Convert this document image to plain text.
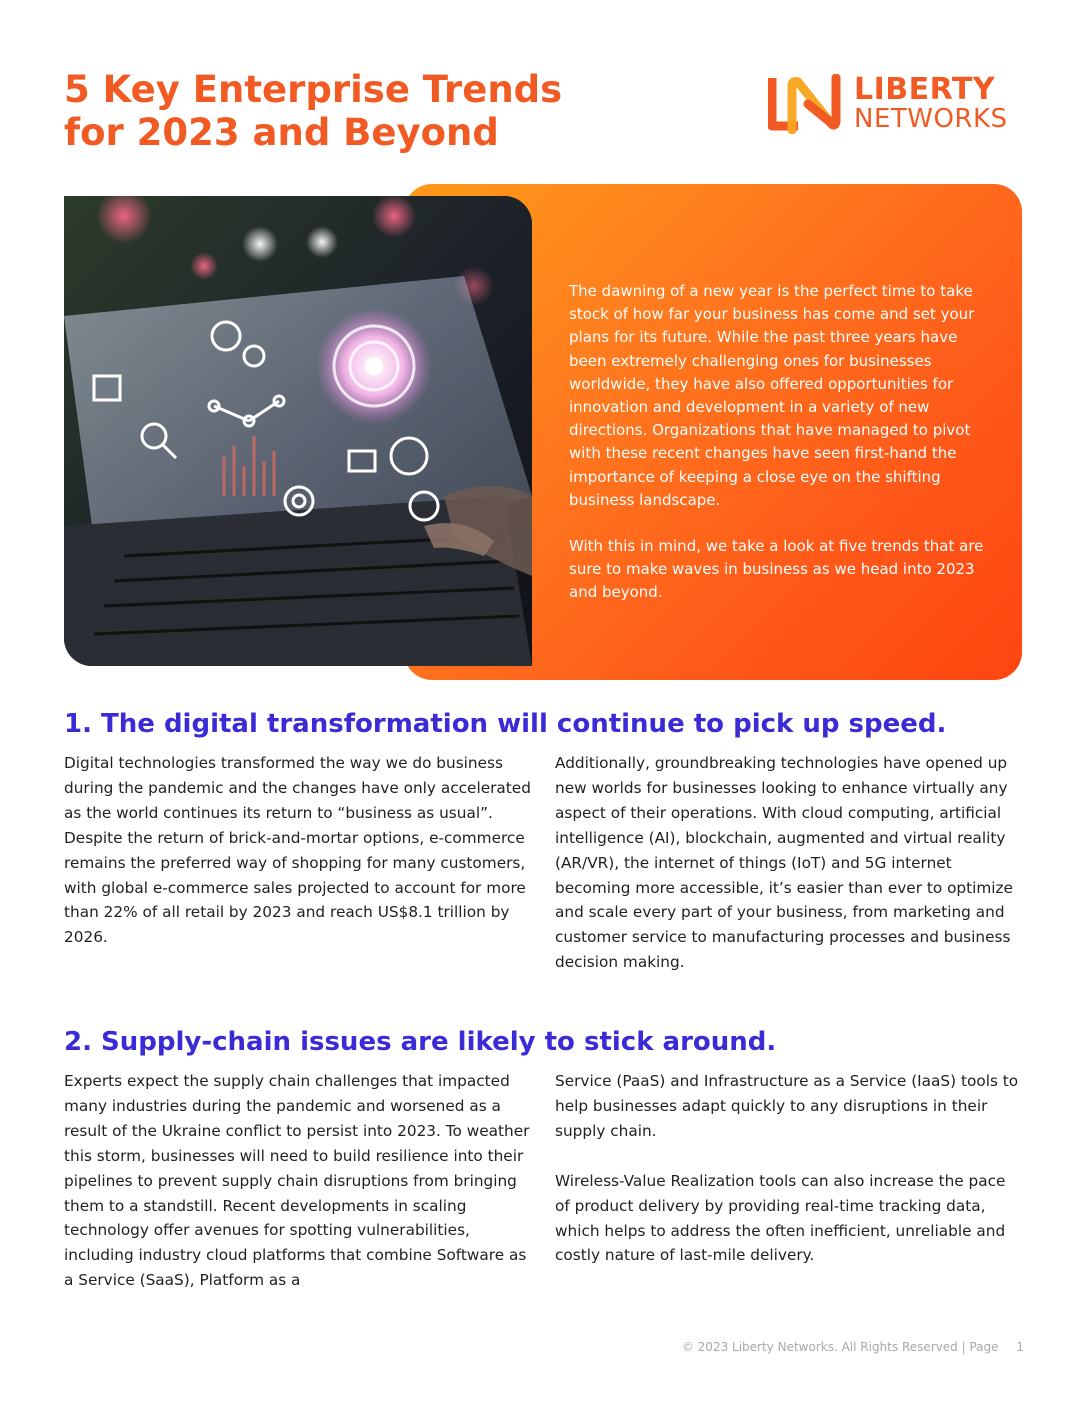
5 Key Enterprise Trends
for 2023 and Beyond
LIBERTY
NETWORKS

The dawning of a new year is the perfect time to take stock of how far your business has come and set your plans for its future. While the past three years have been extremely challenging ones for businesses worldwide, they have also offered opportunities for innovation and development in a variety of new directions. Organizations that have managed to pivot with these recent changes have seen first-hand the importance of keeping a close eye on the shifting business landscape.

With this in mind, we take a look at five trends that are sure to make waves in business as we head into 2023 and beyond.

1. The digital transformation will continue to pick up speed.

Digital technologies transformed the way we do business during the pandemic and the changes have only accelerated as the world continues its return to “business as usual”. Despite the return of brick-and-mortar options, e-commerce remains the preferred way of shopping for many customers, with global e-commerce sales projected to account for more than 22% of all retail by 2023 and reach US$8.1 trillion by 2026.

Additionally, groundbreaking technologies have opened up new worlds for businesses looking to enhance virtually any aspect of their operations. With cloud computing, artificial intelligence (AI), blockchain, augmented and virtual reality (AR/VR), the internet of things (IoT) and 5G internet becoming more accessible, it’s easier than ever to optimize and scale every part of your business, from marketing and customer service to manufacturing processes and business decision making.

2. Supply-chain issues are likely to stick around.

Experts expect the supply chain challenges that impacted many industries during the pandemic and worsened as a result of the Ukraine conflict to persist into 2023. To weather this storm, businesses will need to build resilience into their pipelines to prevent supply chain disruptions from bringing them to a standstill. Recent developments in scaling technology offer avenues for spotting vulnerabilities, including industry cloud platforms that combine Software as a Service (SaaS), Platform as a

Service (PaaS) and Infrastructure as a Service (IaaS) tools to help businesses adapt quickly to any disruptions in their supply chain.

Wireless-Value Realization tools can also increase the pace of product delivery by providing real-time tracking data, which helps to address the often inefficient, unreliable and costly nature of last-mile delivery.

© 2023 Liberty Networks. All Rights Reserved | Page 1
